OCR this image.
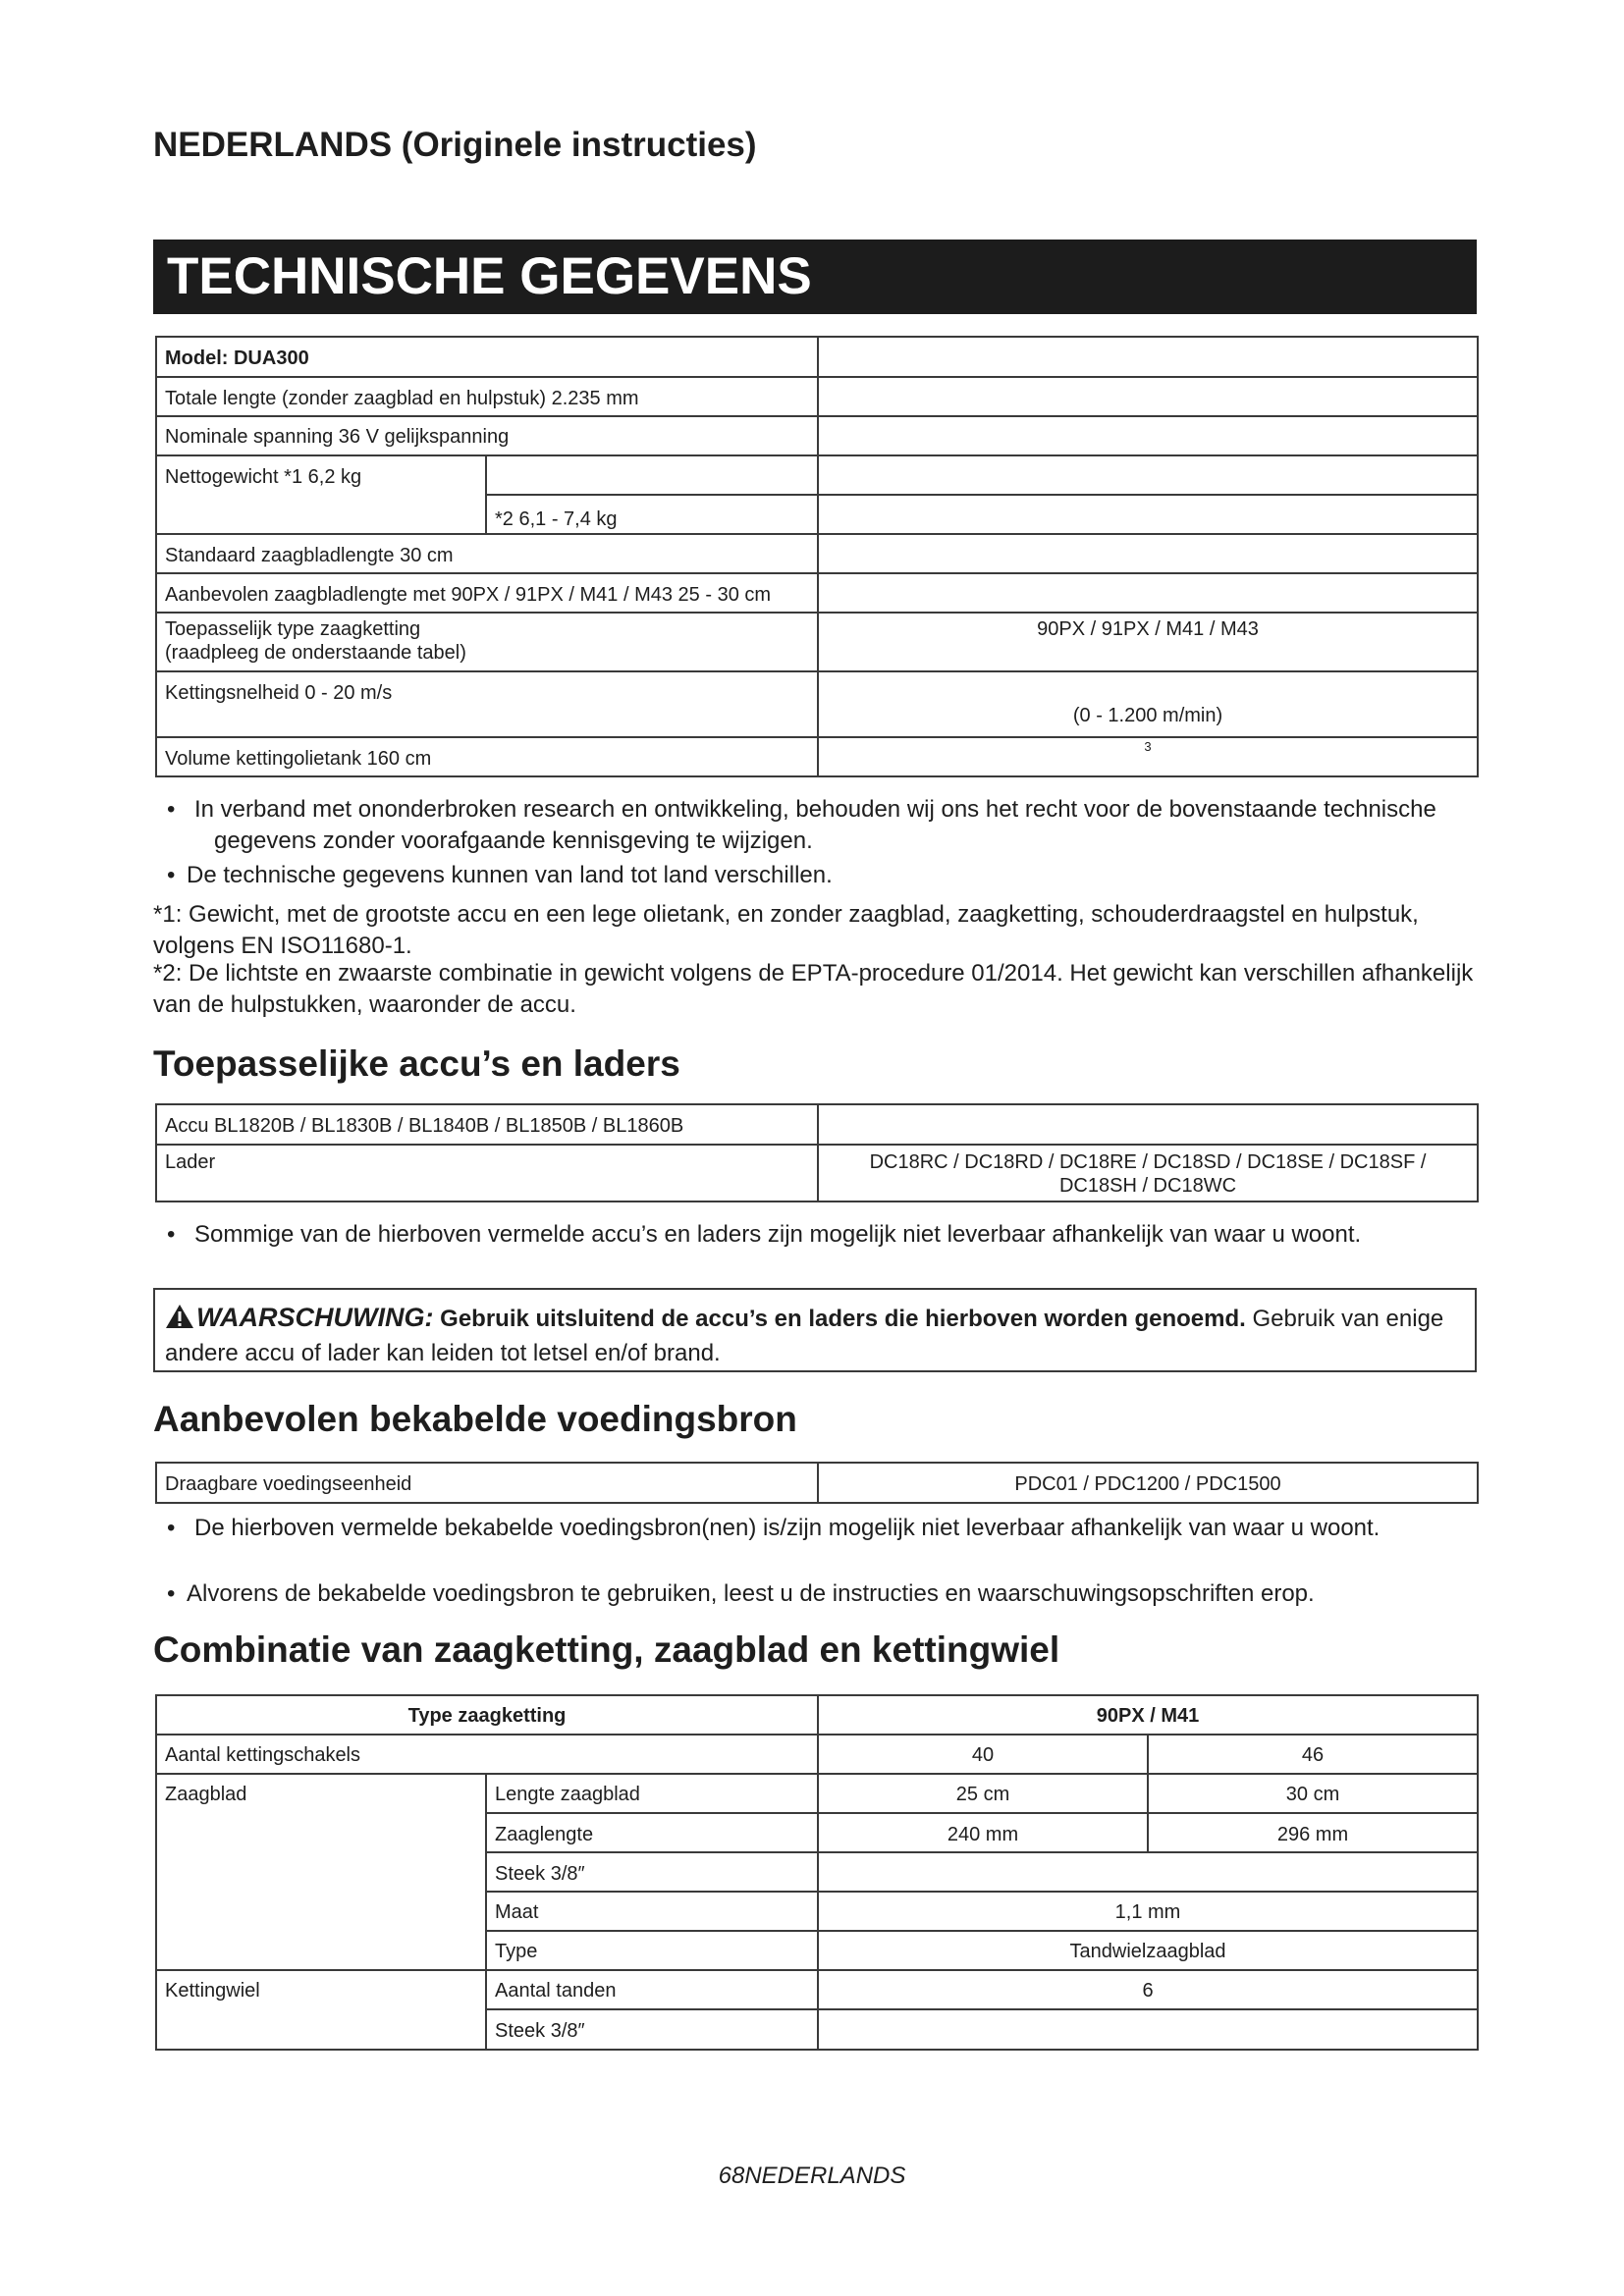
NEDERLANDS (Originele instructies)
TECHNISCHE GEGEVENS
Model: DUA300		
Totale lengte (zonder zaagblad en hulpstuk) 2.235 mm		
Nominale spanning 36 V gelijkspanning		
Nettogewicht *1 6,2 kg		
	*2 6,1 - 7,4 kg	
Standaard zaagbladlengte 30 cm		
Aanbevolen zaagbladlengte met 90PX / 91PX / M41 / M43 25 - 30 cm		

Toepasselijk type zaagketting
(raadpleeg de onderstaande tabel)		90PX / 91PX / M41 / M43
Kettingsnelheid 0 - 20 m/s		(0 - 1.200 m/min)
Volume kettingolietank 160 cm		3
• In verband met ononderbroken research en ontwikkeling, behouden wij ons het recht voor de bovenstaande technische gegevens zonder voorafgaande kennisgeving te wijzigen.
• De technische gegevens kunnen van land tot land verschillen.

*1: Gewicht, met de grootste accu en een lege olietank, en zonder zaagblad, zaagketting, schouderdraagstel en hulpstuk, volgens EN ISO11680-1.

*2: De lichtste en zwaarste combinatie in gewicht volgens de EPTA-procedure 01/2014. Het gewicht kan verschillen afhankelijk van de hulpstukken, waaronder de accu.

Toepasselijke accu’s en laders
Accu BL1820B / BL1830B / BL1840B / BL1850B / BL1860B	
Lader	DC18RC / DC18RD / DC18RE / DC18SD / DC18SE / DC18SF /
DC18SH / DC18WC
• Sommige van de hierboven vermelde accu’s en laders zijn mogelijk niet leverbaar afhankelijk van waar u woont.
WAARSCHUWING: Gebruik uitsluitend de accu’s en laders die hierboven worden genoemd. Gebruik van enige andere accu of lader kan leiden tot letsel en/of brand.
Aanbevolen bekabelde voedingsbron
Draagbare voedingseenheid	PDC01 / PDC1200 / PDC1500
• De hierboven vermelde bekabelde voedingsbron(nen) is/zijn mogelijk niet leverbaar afhankelijk van waar u woont.
• Alvorens de bekabelde voedingsbron te gebruiken, leest u de instructies en waarschuwingsopschriften erop.
Combinatie van zaagketting, zaagblad en kettingwiel
Type zaagketting		90PX / M41	
Aantal kettingschakels		40	46
Zaagblad	Lengte zaagblad	25 cm	30 cm
	Zaaglengte	240 mm	296 mm
	Steek 3/8″		
	Maat	1,1 mm	
	Type	Tandwielzaagblad	
Kettingwiel	Aantal tanden	6	
	Steek 3/8″		

68NEDERLANDS
